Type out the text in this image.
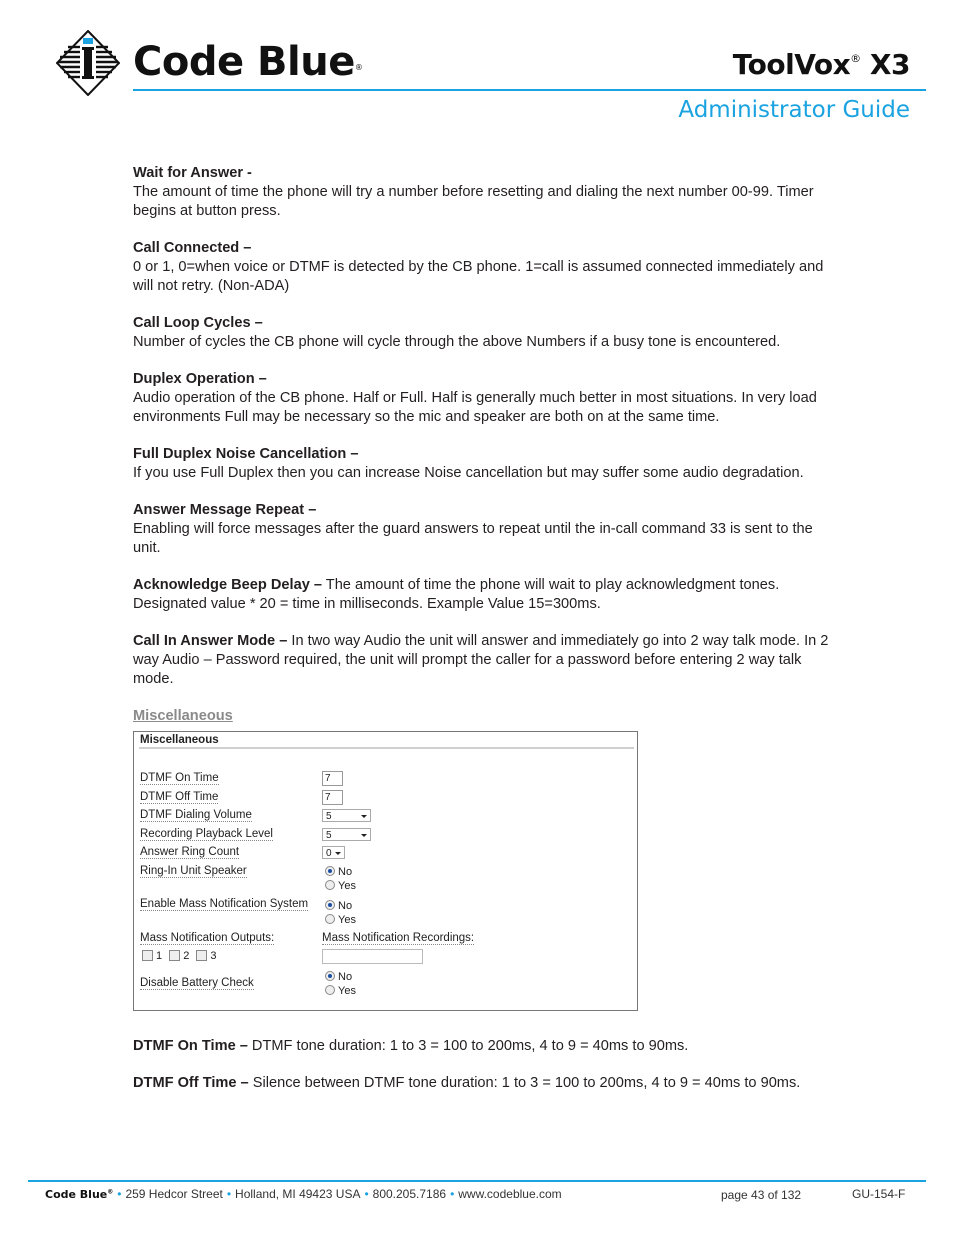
Code Blue®	ToolVox® X3
Administrator Guide

Wait for Answer -
The amount of time the phone will try a number before resetting and dialing the next number 00-99. Timer begins at button press.

Call Connected –
0 or 1, 0=when voice or DTMF is detected by the CB phone. 1=call is assumed connected immediately and will not retry. (Non-ADA)

Call Loop Cycles –
Number of cycles the CB phone will cycle through the above Numbers if a busy tone is encountered.

Duplex Operation –
Audio operation of the CB phone. Half or Full. Half is generally much better in most situations. In very load environments Full may be necessary so the mic and speaker are both on at the same time.

Full Duplex Noise Cancellation –
If you use Full Duplex then you can increase Noise cancellation but may suffer some audio degradation.

Answer Message Repeat –
Enabling will force messages after the guard answers to repeat until the in-call command 33 is sent to the unit.

Acknowledge Beep Delay – The amount of time the phone will wait to play acknowledgment tones. Designated value * 20 = time in milliseconds. Example Value 15=300ms.

Call In Answer Mode – In two way Audio the unit will answer and immediately go into 2 way talk mode. In 2 way Audio – Password required, the unit will prompt the caller for a password before entering 2 way talk mode.

Miscellaneous
Miscellaneous
DTMF On Time	7
DTMF Off Time	7
DTMF Dialing Volume	5
Recording Playback Level	5
Answer Ring Count	0
Ring-In Unit Speaker	No
Yes
Enable Mass Notification System	No
Yes
Mass Notification Outputs:	Mass Notification Recordings:
1 2 3
Disable Battery Check	No
Yes

DTMF On Time – DTMF tone duration: 1 to 3 = 100 to 200ms, 4 to 9 = 40ms to 90ms.

DTMF Off Time – Silence between DTMF tone duration: 1 to 3 = 100 to 200ms, 4 to 9 = 40ms to 90ms.

Code Blue® • 259 Hedcor Street • Holland, MI 49423 USA • 800.205.7186 • www.codeblue.com	page 43 of 132	GU-154-F
